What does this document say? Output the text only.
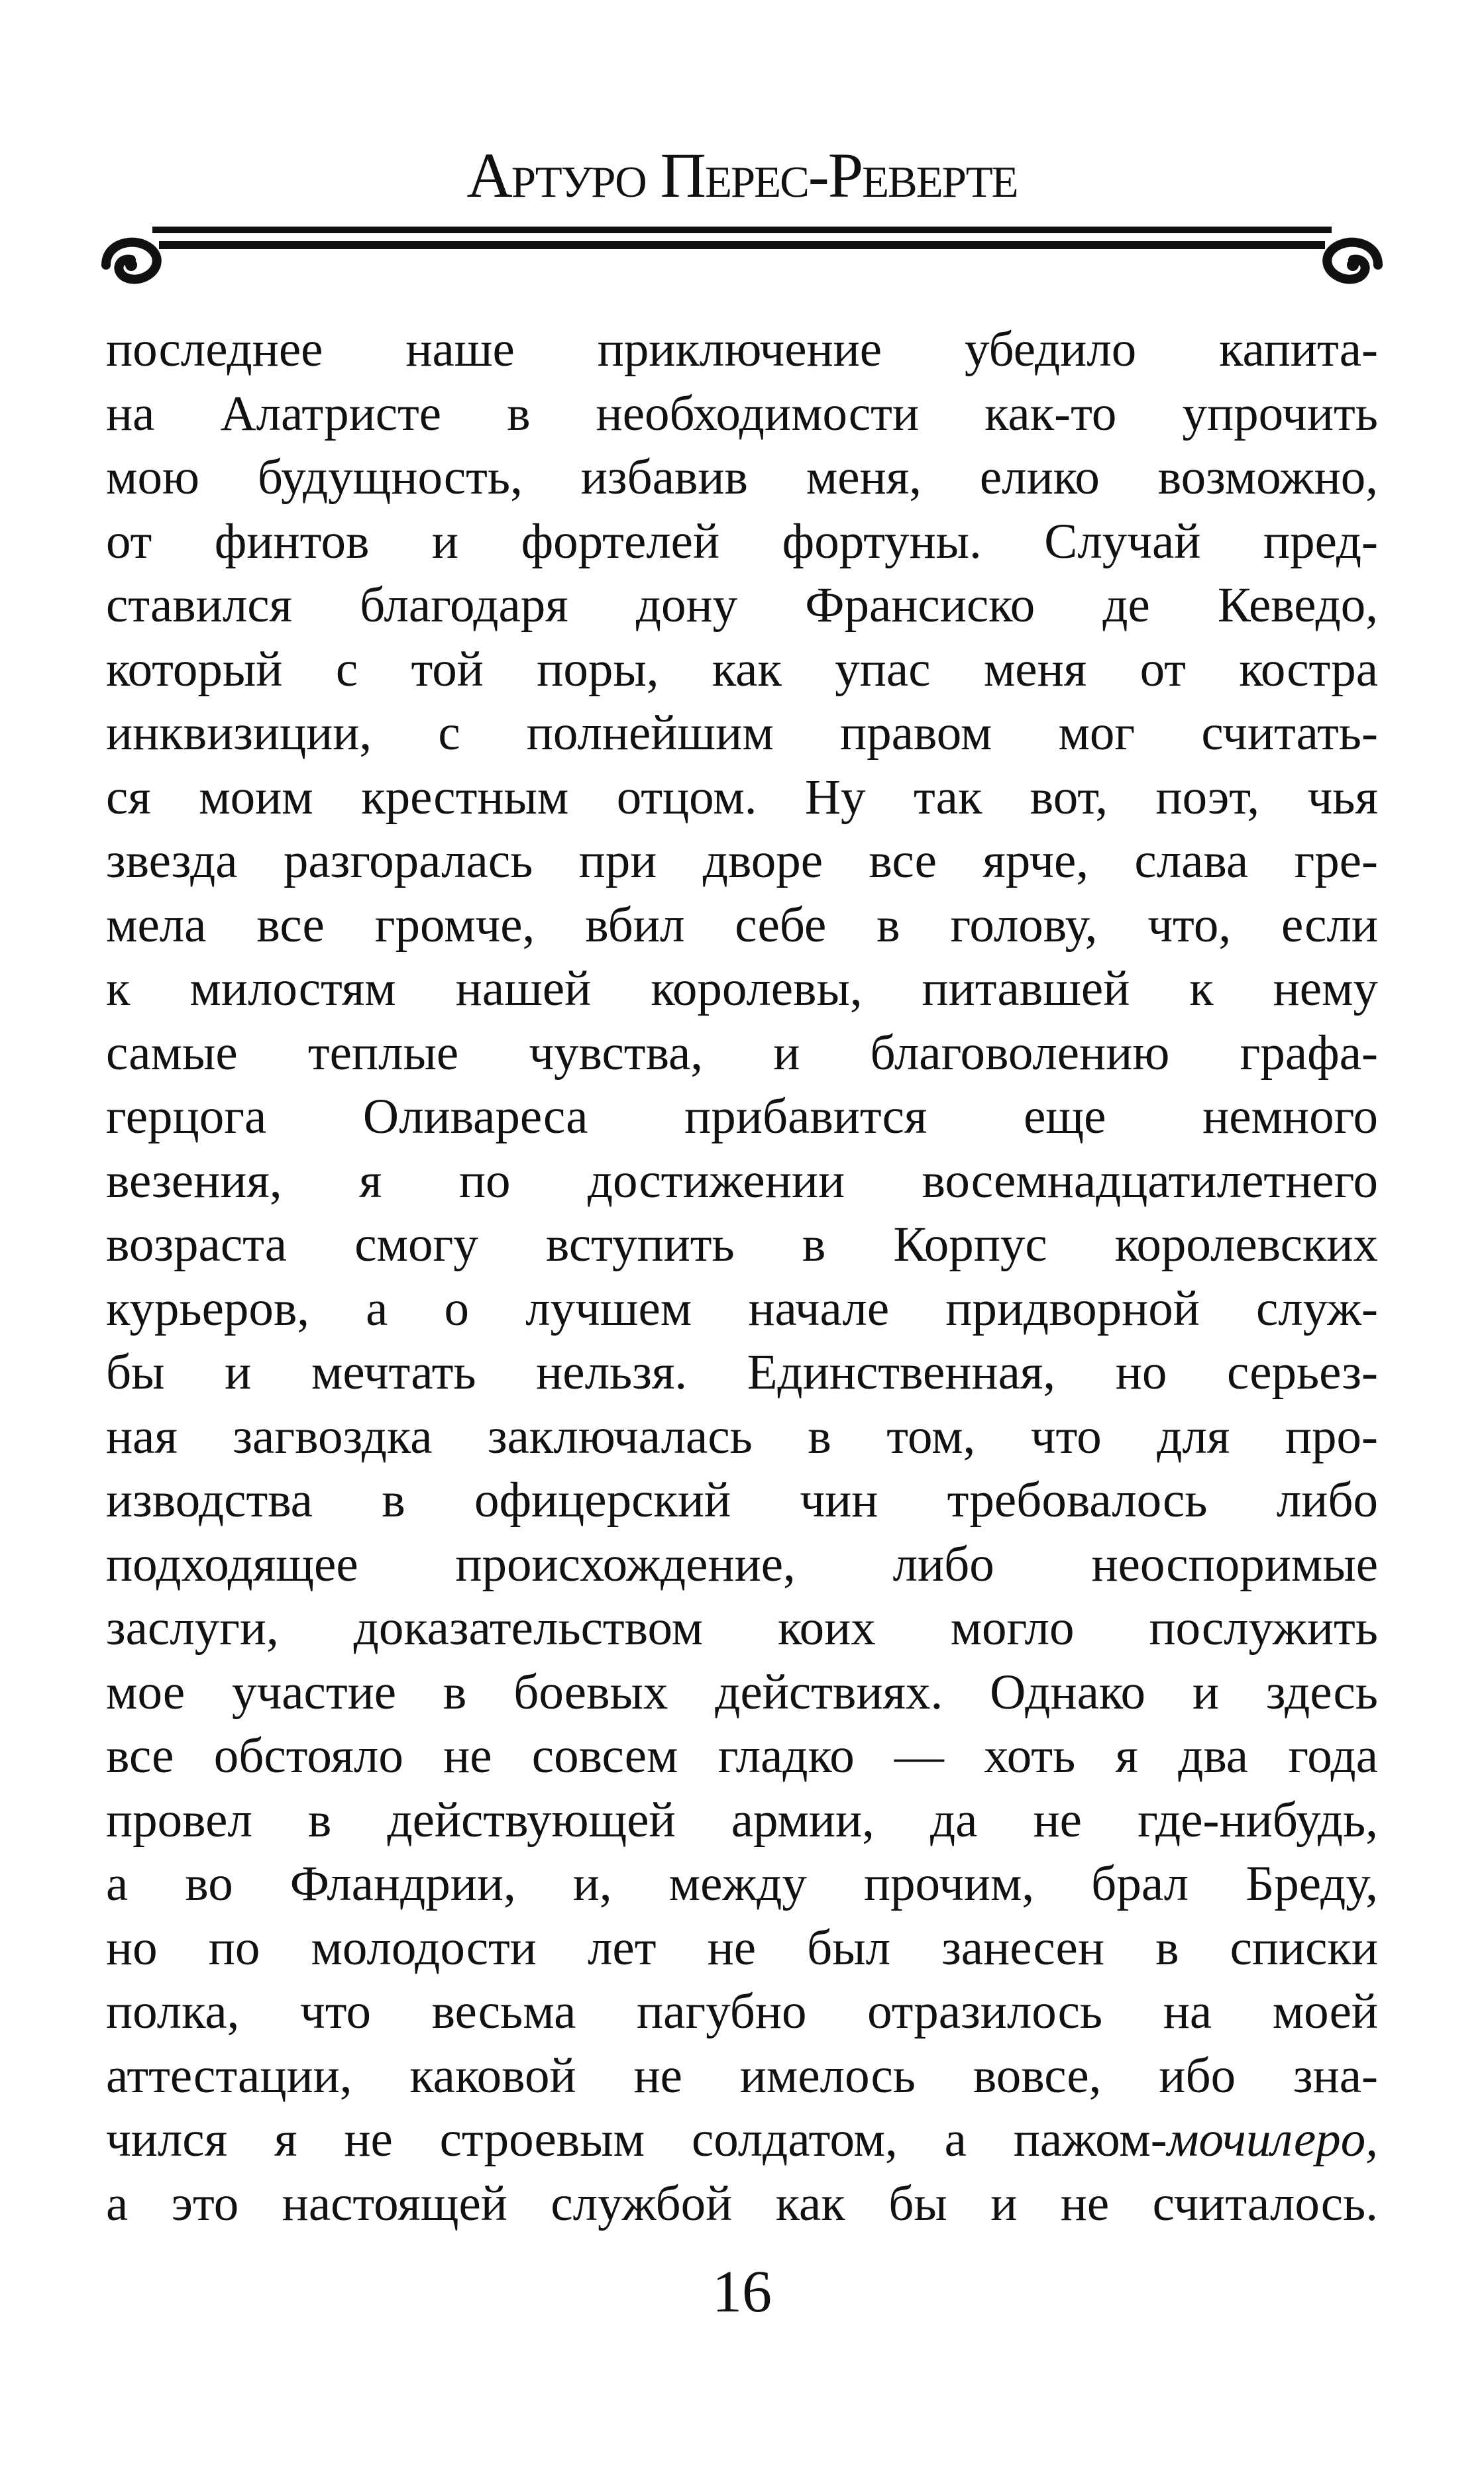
Артуро Перес-Реверте
последнее наше приключение убедило капита-
на Алатристе в необходимости как-то упрочить
мою будущность, избавив меня, елико возможно,
от финтов и фортелей фортуны. Случай пред-
ставился благодаря дону Франсиско де Кеведо,
который с той поры, как упас меня от костра
инквизиции, с полнейшим правом мог считать-
ся моим крестным отцом. Ну так вот, поэт, чья
звезда разгоралась при дворе все ярче, слава гре-
мела все громче, вбил себе в голову, что, если
к милостям нашей королевы, питавшей к нему
самые теплые чувства, и благоволению графа-
герцога Оливареса прибавится еще немного
везения, я по достижении восемнадцатилетнего
возраста смогу вступить в Корпус королевских
курьеров, а о лучшем начале придворной служ-
бы и мечтать нельзя. Единственная, но серьез-
ная загвоздка заключалась в том, что для про-
изводства в офицерский чин требовалось либо
подходящее происхождение, либо неоспоримые
заслуги, доказательством коих могло послужить
мое участие в боевых действиях. Однако и здесь
все обстояло не совсем гладко — хоть я два года
провел в действующей армии, да не где-нибудь,
а во Фландрии, и, между прочим, брал Бреду,
но по молодости лет не был занесен в списки
полка, что весьма пагубно отразилось на моей
аттестации, каковой не имелось вовсе, ибо зна-
чился я не строевым солдатом, а пажом-мочилеро,
а это настоящей службой как бы и не считалось.
16
